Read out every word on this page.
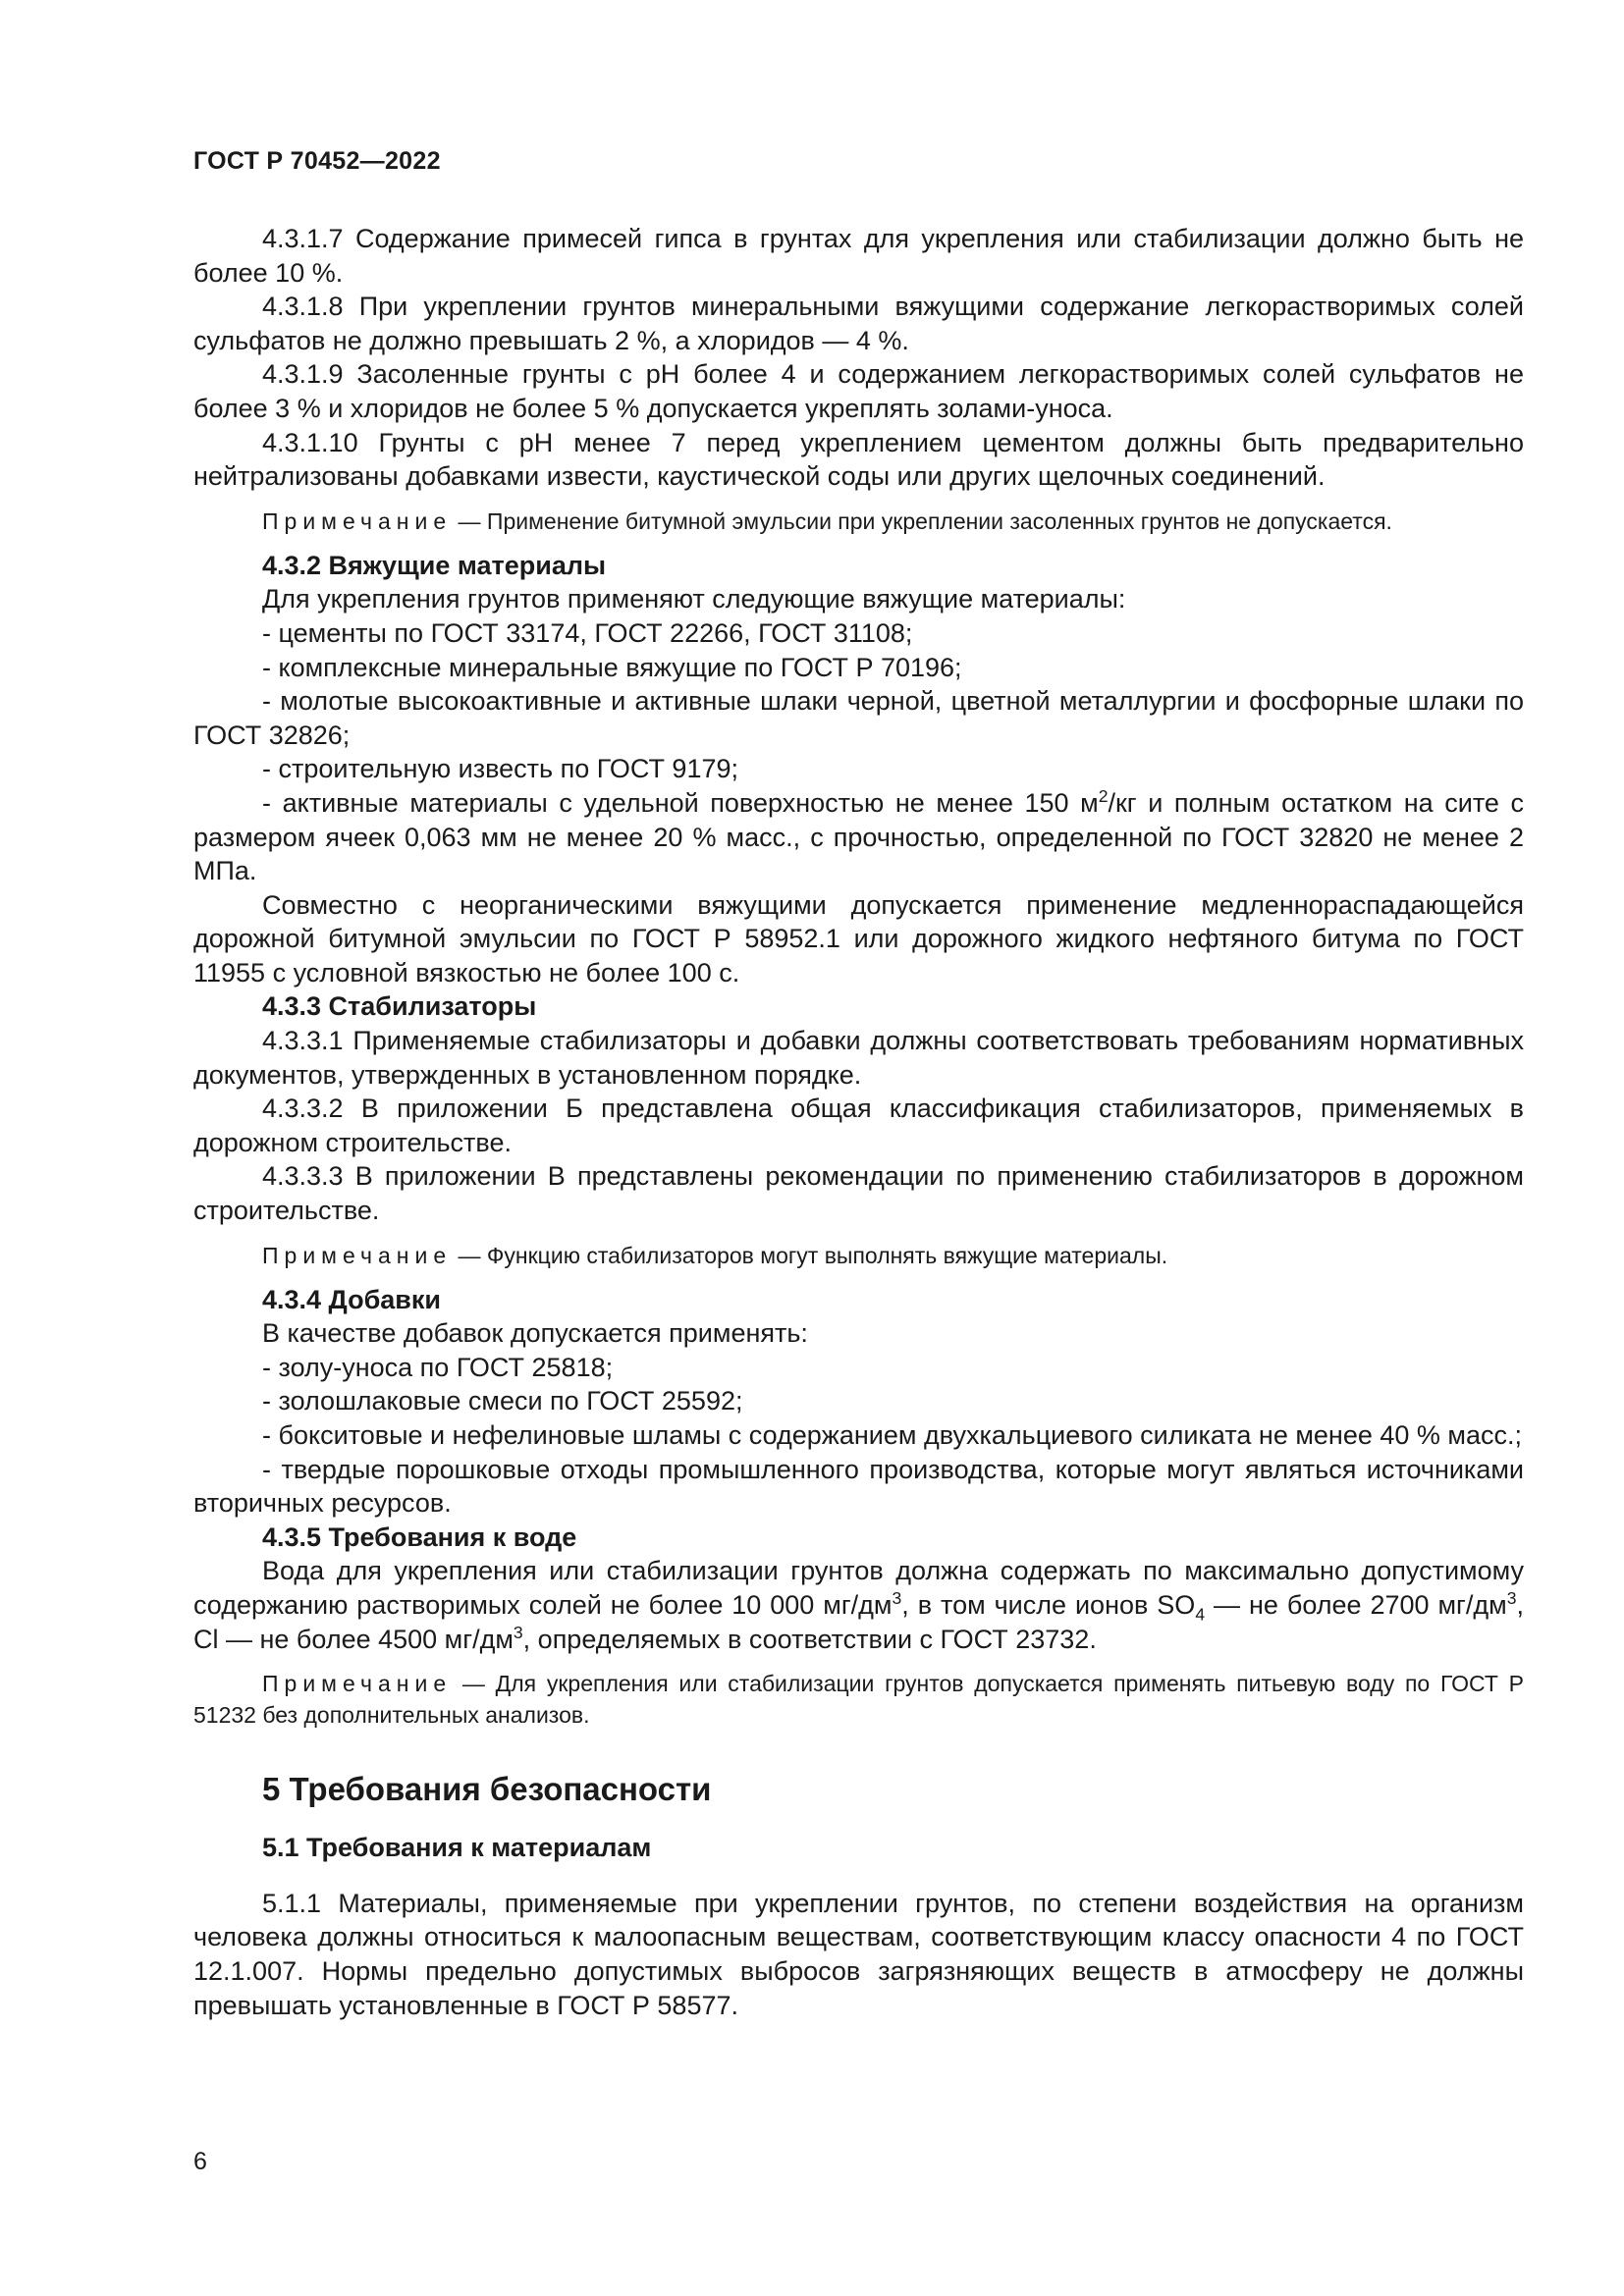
ГОСТ Р 70452—2022

4.3.1.7 Содержание примесей гипса в грунтах для укрепления или стабилизации должно быть не более 10 %.

4.3.1.8 При укреплении грунтов минеральными вяжущими содержание легкорастворимых солей сульфатов не должно превышать 2 %, а хлоридов — 4 %.

4.3.1.9 Засоленные грунты с pH более 4 и содержанием легкорастворимых солей сульфатов не более 3 % и хлоридов не более 5 % допускается укреплять золами-уноса.

4.3.1.10 Грунты с pH менее 7 перед укреплением цементом должны быть предварительно нейтрализованы добавками извести, каустической соды или других щелочных соединений.

Примечание — Применение битумной эмульсии при укреплении засоленных грунтов не допускается.

4.3.2 Вяжущие материалы

Для укрепления грунтов применяют следующие вяжущие материалы:

- цементы по ГОСТ 33174, ГОСТ 22266, ГОСТ 31108;

- комплексные минеральные вяжущие по ГОСТ Р 70196;

- молотые высокоактивные и активные шлаки черной, цветной металлургии и фосфорные шлаки по ГОСТ 32826;

- строительную известь по ГОСТ 9179;

- активные материалы с удельной поверхностью не менее 150 $м^2/кг$ и полным остатком на сите с размером ячеек 0,063 мм не менее 20 % масс., с прочностью, определенной по ГОСТ 32820 не менее 2 МПа.

Совместно с неорганическими вяжущими допускается применение медленнораспадающейся дорожной битумной эмульсии по ГОСТ Р 58952.1 или дорожного жидкого нефтяного битума по ГОСТ 11955 с условной вязкостью не более 100 с.

4.3.3 Стабилизаторы

4.3.3.1 Применяемые стабилизаторы и добавки должны соответствовать требованиям нормативных документов, утвержденных в установленном порядке.

4.3.3.2 В приложении Б представлена общая классификация стабилизаторов, применяемых в дорожном строительстве.

4.3.3.3 В приложении В представлены рекомендации по применению стабилизаторов в дорожном строительстве.

Примечание — Функцию стабилизаторов могут выполнять вяжущие материалы.

4.3.4 Добавки

В качестве добавок допускается применять:

- золу-уноса по ГОСТ 25818;

- золошлаковые смеси по ГОСТ 25592;

- бокситовые и нефелиновые шламы с содержанием двухкальциевого силиката не менее 40 % масс.;

- твердые порошковые отходы промышленного производства, которые могут являться источниками вторичных ресурсов.

4.3.5 Требования к воде

Вода для укрепления или стабилизации грунтов должна содержать по максимально допустимому содержанию растворимых солей не более 10 000 $мг/дм^3$, в том числе ионов $SO_4$ — не более 2700 $мг/дм^3$, Cl — не более 4500 $мг/дм^3$, определяемых в соответствии с ГОСТ 23732.

Примечание — Для укрепления или стабилизации грунтов допускается применять питьевую воду по ГОСТ Р 51232 без дополнительных анализов.

5 Требования безопасности

5.1 Требования к материалам

5.1.1 Материалы, применяемые при укреплении грунтов, по степени воздействия на организм человека должны относиться к малоопасным веществам, соответствующим классу опасности 4 по ГОСТ 12.1.007. Нормы предельно допустимых выбросов загрязняющих веществ в атмосферу не должны превышать установленные в ГОСТ Р 58577.

6
